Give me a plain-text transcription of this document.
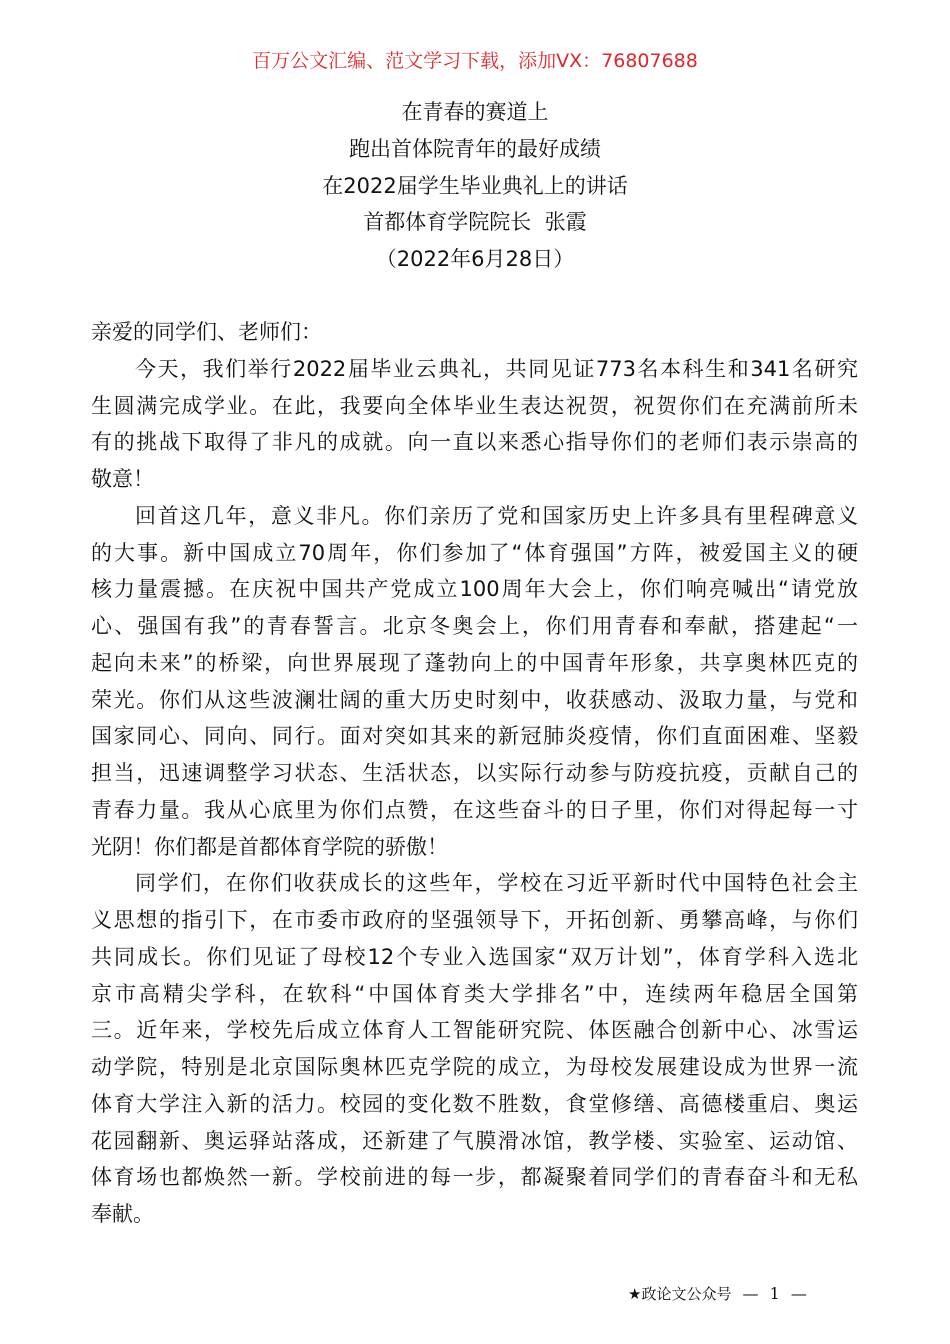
百万公文汇编、范文学习下载，添加VX：76807688
在青春的赛道上
跑出首体院青年的最好成绩
在2022届学生毕业典礼上的讲话
首都体育学院院长  张霞
（2022年6月28日）
亲爱的同学们、老师们：
今天，我们举行2022届毕业云典礼，共同见证773名本科生和341名研究
生圆满完成学业。在此，我要向全体毕业生表达祝贺，祝贺你们在充满前所未
有的挑战下取得了非凡的成就。向一直以来悉心指导你们的老师们表示崇高的
敬意！
回首这几年，意义非凡。你们亲历了党和国家历史上许多具有里程碑意义
的大事。新中国成立70周年，你们参加了“体育强国”方阵，被爱国主义的硬
核力量震撼。在庆祝中国共产党成立100周年大会上，你们响亮喊出“请党放
心、强国有我”的青春誓言。北京冬奥会上，你们用青春和奉献，搭建起“一
起向未来”的桥梁，向世界展现了蓬勃向上的中国青年形象，共享奥林匹克的
荣光。你们从这些波澜壮阔的重大历史时刻中，收获感动、汲取力量，与党和
国家同心、同向、同行。面对突如其来的新冠肺炎疫情，你们直面困难、坚毅
担当，迅速调整学习状态、生活状态，以实际行动参与防疫抗疫，贡献自己的
青春力量。我从心底里为你们点赞，在这些奋斗的日子里，你们对得起每一寸
光阴！你们都是首都体育学院的骄傲！
同学们，在你们收获成长的这些年，学校在习近平新时代中国特色社会主
义思想的指引下，在市委市政府的坚强领导下，开拓创新、勇攀高峰，与你们
共同成长。你们见证了母校12个专业入选国家“双万计划”，体育学科入选北
京市高精尖学科，在软科“中国体育类大学排名”中，连续两年稳居全国第
三。近年来，学校先后成立体育人工智能研究院、体医融合创新中心、冰雪运
动学院，特别是北京国际奥林匹克学院的成立，为母校发展建设成为世界一流
体育大学注入新的活力。校园的变化数不胜数，食堂修缮、高德楼重启、奥运
花园翻新、奥运驿站落成，还新建了气膜滑冰馆，教学楼、实验室、运动馆、
体育场也都焕然一新。学校前进的每一步，都凝聚着同学们的青春奋斗和无私
奉献。
★政论文公众号 — 1 —
